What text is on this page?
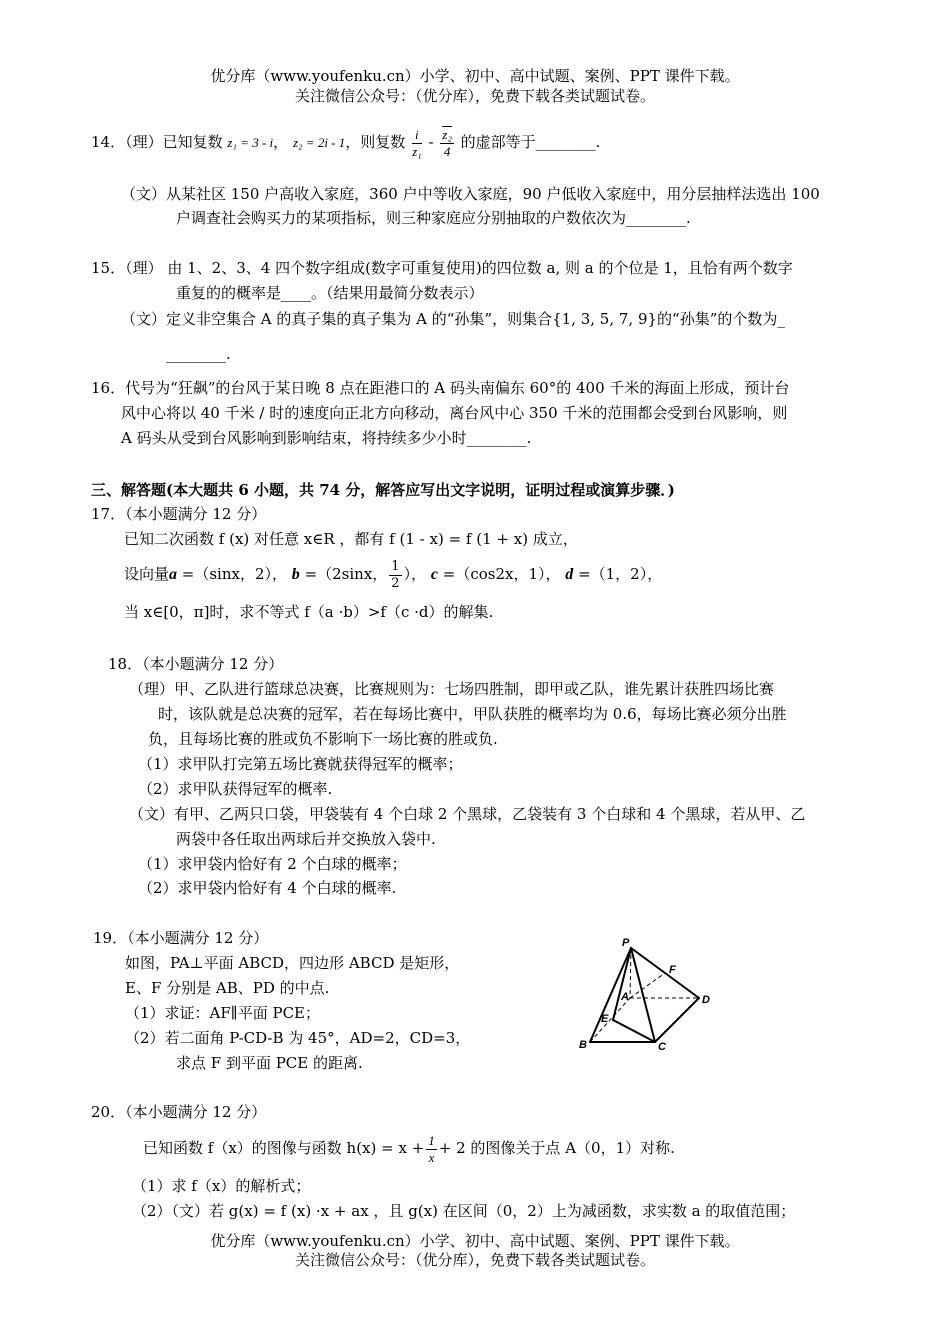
优分库（www.youfenku.cn）小学、初中、高中试题、案例、PPT 课件下载。
关注微信公众号：（优分库），免费下载各类试题试卷。
14．（理）已知复数 z₁ = 3 - i， z₂ = 2i - 1，则复数 $\frac{i}{\text{z₁}} - \frac{\text{z₂}}{4}$ 的虚部等于________.
（文）从某社区 150 户高收入家庭，360 户中等收入家庭，90 户低收入家庭中，用分层抽样法选出 100
户调查社会购买力的某项指标，则三种家庭应分别抽取的户数依次为________.
15．（理） 由 1、2、3、4 四个数字组成(数字可重复使用)的四位数 a, 则 a 的个位是 1，且恰有两个数字
重复的的概率是____。（结果用最简分数表示）
（文）定义非空集合 A 的真子集的真子集为 A 的“孙集”，则集合{1, 3, 5, 7, 9}的“孙集”的个数为_
________.
16．代号为“狂飙”的台风于某日晚 8 点在距港口的 A 码头南偏东 60°的 400 千米的海面上形成，预计台
风中心将以 40 千米 / 时的速度向正北方向移动，离台风中心 350 千米的范围都会受到台风影响，则
A 码头从受到台风影响到影响结束，将持续多少小时________.
三、解答题(本大题共 6 小题，共 74 分，解答应写出文字说明，证明过程或演算步骤．)
17．（本小题满分 12 分）
已知二次函数 f (x) 对任意 x∈R ，都有 f (1 - x) = f (1 + x) 成立，
设向量a =（sinx，2）， b =（2sinx， $\frac{1}{2}$ ）， c =（cos2x，1）， d =（1，2），
当 x∈[0，π]时，求不等式 f（a ·b）>f（c ·d）的解集.
18．（本小题满分 12 分）
（理）甲、乙队进行篮球总决赛，比赛规则为：七场四胜制，即甲或乙队，谁先累计获胜四场比赛
时，该队就是总决赛的冠军，若在每场比赛中，甲队获胜的概率均为 0.6，每场比赛必须分出胜
负，且每场比赛的胜或负不影响下一场比赛的胜或负.
（1）求甲队打完第五场比赛就获得冠军的概率；
（2）求甲队获得冠军的概率.
（文）有甲、乙两只口袋，甲袋装有 4 个白球 2 个黑球，乙袋装有 3 个白球和 4 个黑球，若从甲、乙
两袋中各任取出两球后并交换放入袋中.
（1）求甲袋内恰好有 2 个白球的概率；
（2）求甲袋内恰好有 4 个白球的概率.
19．（本小题满分 12 分）
如图，PA⊥平面 ABCD，四边形 ABCD 是矩形，
E、F 分别是 AB、PD 的中点.
（1）求证：AF∥平面 PCE；
（2）若二面角 P-CD-B 为 45°，AD=2，CD=3，
求点 F 到平面 PCE 的距离.
P
F
A	D
E
B	C
20．（本小题满分 12 分）
已知函数 f（x）的图像与函数 $h(x) = x + \frac{1}{x} + 2$ 的图像关于点 A（0，1）对称.
（1）求 f（x）的解析式；
（2）（文）若 g(x) = f (x) ·x + ax ，且 g(x) 在区间（0，2）上为减函数，求实数 a 的取值范围；
优分库（www.youfenku.cn）小学、初中、高中试题、案例、PPT 课件下载。
关注微信公众号：（优分库），免费下载各类试题试卷。
